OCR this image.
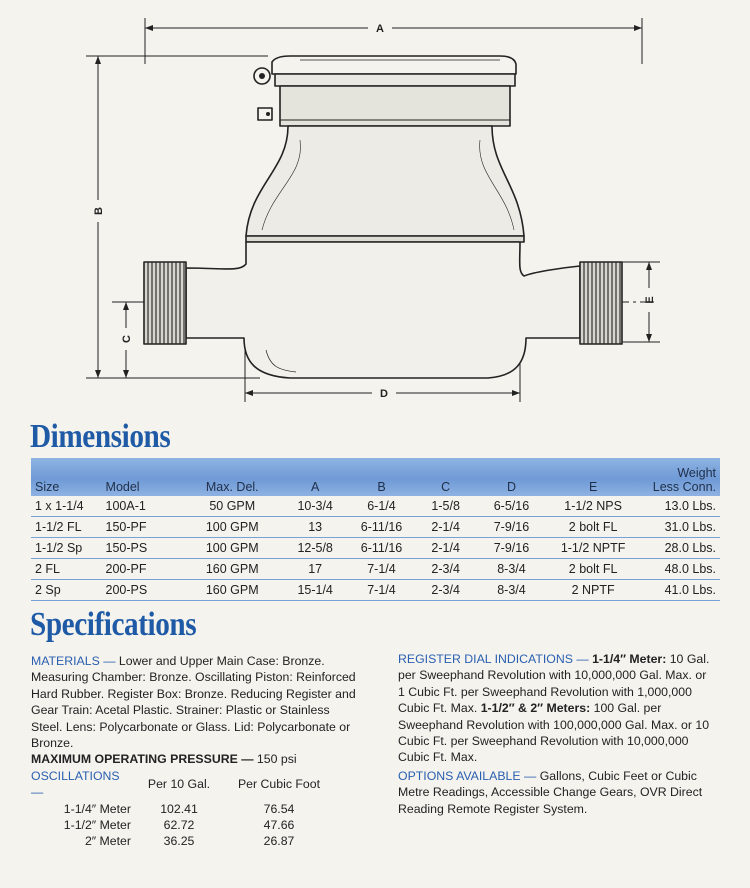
A
B
C
D
E
Dimensions
Size	Model	Max. Del.	A	B	C	D	E	Weight
Less Conn.

1 x 1-1/4	100A-1	50 GPM	10-3/4	6-1/4	1-5/8	6-5/16	1-1/2 NPS	13.0 Lbs.
1-1/2 FL	150-PF	100 GPM	13	6-11/16	2-1/4	7-9/16	2 bolt FL	31.0 Lbs.
1-1/2 Sp	150-PS	100 GPM	12-5/8	6-11/16	2-1/4	7-9/16	1-1/2 NPTF	28.0 Lbs.
2 FL	200-PF	160 GPM	17	7-1/4	2-3/4	8-3/4	2 bolt FL	48.0 Lbs.
2 Sp	200-PS	160 GPM	15-1/4	7-1/4	2-3/4	8-3/4	2 NPTF	41.0 Lbs.
Specifications
MATERIALS — Lower and Upper Main Case: Bronze. Measuring Chamber: Bronze. Oscillating Piston: Reinforced Hard Rubber. Register Box: Bronze. Reducing Register and Gear Train: Acetal Plastic. Strainer: Plastic or Stainless Steel. Lens: Polycarbonate or Glass. Lid: Polycarbonate or Bronze.
MAXIMUM OPERATING PRESSURE — 150 psi
OSCILLATIONS —	Per 10 Gal.	Per Cubic Foot
1-1/4″ Meter	102.41	76.54
1-1/2″ Meter	62.72	47.66
2″ Meter	36.25	26.87
REGISTER DIAL INDICATIONS — 1-1/4″ Meter: 10 Gal. per Sweephand Revolution with 10,000,000 Gal. Max. or 1 Cubic Ft. per Sweephand Revolution with 1,000,000 Cubic Ft. Max. 1-1/2″ & 2″ Meters: 100 Gal. per Sweephand Revolution with 100,000,000 Gal. Max. or 10 Cubic Ft. per Sweephand Revolution with 10,000,000 Cubic Ft. Max.
OPTIONS AVAILABLE — Gallons, Cubic Feet or Cubic Metre Readings, Accessible Change Gears, OVR Direct Reading Remote Register System.
